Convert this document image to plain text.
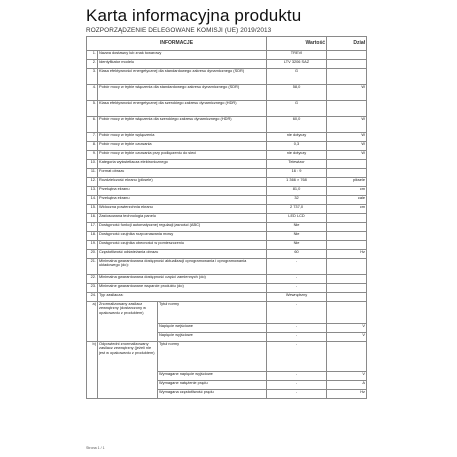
Karta informacyjna produktu
ROZPORZĄDZENIE DELEGOWANE KOMISJI (UE) 2019/2013
INFORMACJE			Wartość	Dział
1.	Nazwa dostawcy lub znak towarowy		TREVI	
2.	Identyfikator modelu		LTV 3206 SAZ	
3.	Klasa efektywności energetycznej dla standardowego zakresu dynamicznego (SDR)		G	
4.	Pobór mocy w trybie włączenia dla standardowego zakresu dynamicznego (SDR)		58,0	W
5.	Klasa efektywności energetycznej dla szerokiego zakresu dynamicznego (HDR)		G	
6.	Pobór mocy w trybie włączenia dla szerokiego zakresu dynamicznego (HDR)		60,0	W
7.	Pobór mocy w trybie wyłączenia		nie dotyczy	W
8.	Pobór mocy w trybie czuwania		0,3	W
9.	Pobór mocy w trybie czuwania przy podłączeniu do sieci		nie dotyczy	W
10.	Kategoria wyświetlacza elektronicznego		Telewizor	
11.	Format obrazu		16 : 9	
12.	Rozdzielczość ekranu (piksele)		1 366 × 768	piksele
13.	Przekątna ekranu		81,0	cm
14.	Przekątna ekranu		32	cale
15.	Widoczna powierzchnia ekranu		2 737,0	cm
16.	Zastosowana technologia panelu		LED LCD	
17.	Dostępność funkcji automatycznej regulacji jasności (ABC)		Nie	
18.	Dostępność czujnika rozpoznawania mowy		Nie	
19.	Dostępność czujnika obecności w pomieszczeniu		Nie	
20.	Częstotliwość odświeżania obrazu		60	Hz
21.	Minimalna gwarantowana dostępność aktualizacji oprogramowania i oprogramowania układowego (do):		-	
22.	Minimalna gwarantowana dostępność części zamiennych (do)		-	
23.	Minimalne gwarantowane wsparcie produktu (do)		-	
24.	Typ zasilacza:		Wewnętrzny	
a)	Znormalizowany zasilacz zewnętrzny (dostarczony w opakowaniu z produktem)	Tytuł normy	-	
		Napięcie wejściowe	-	V
		Napięcie wyjściowe	-	V
b)	Odpowiedni znormalizowany zasilacz zewnętrzny (jeżeli nie jest w opakowaniu z produktem)	Tytuł normy	-	
		Wymagane napięcie wyjściowe	-	V
		Wymagane natężenie prądu	-	A
		Wymagana częstotliwość prądu	-	Hz
Strona 1 / 1
